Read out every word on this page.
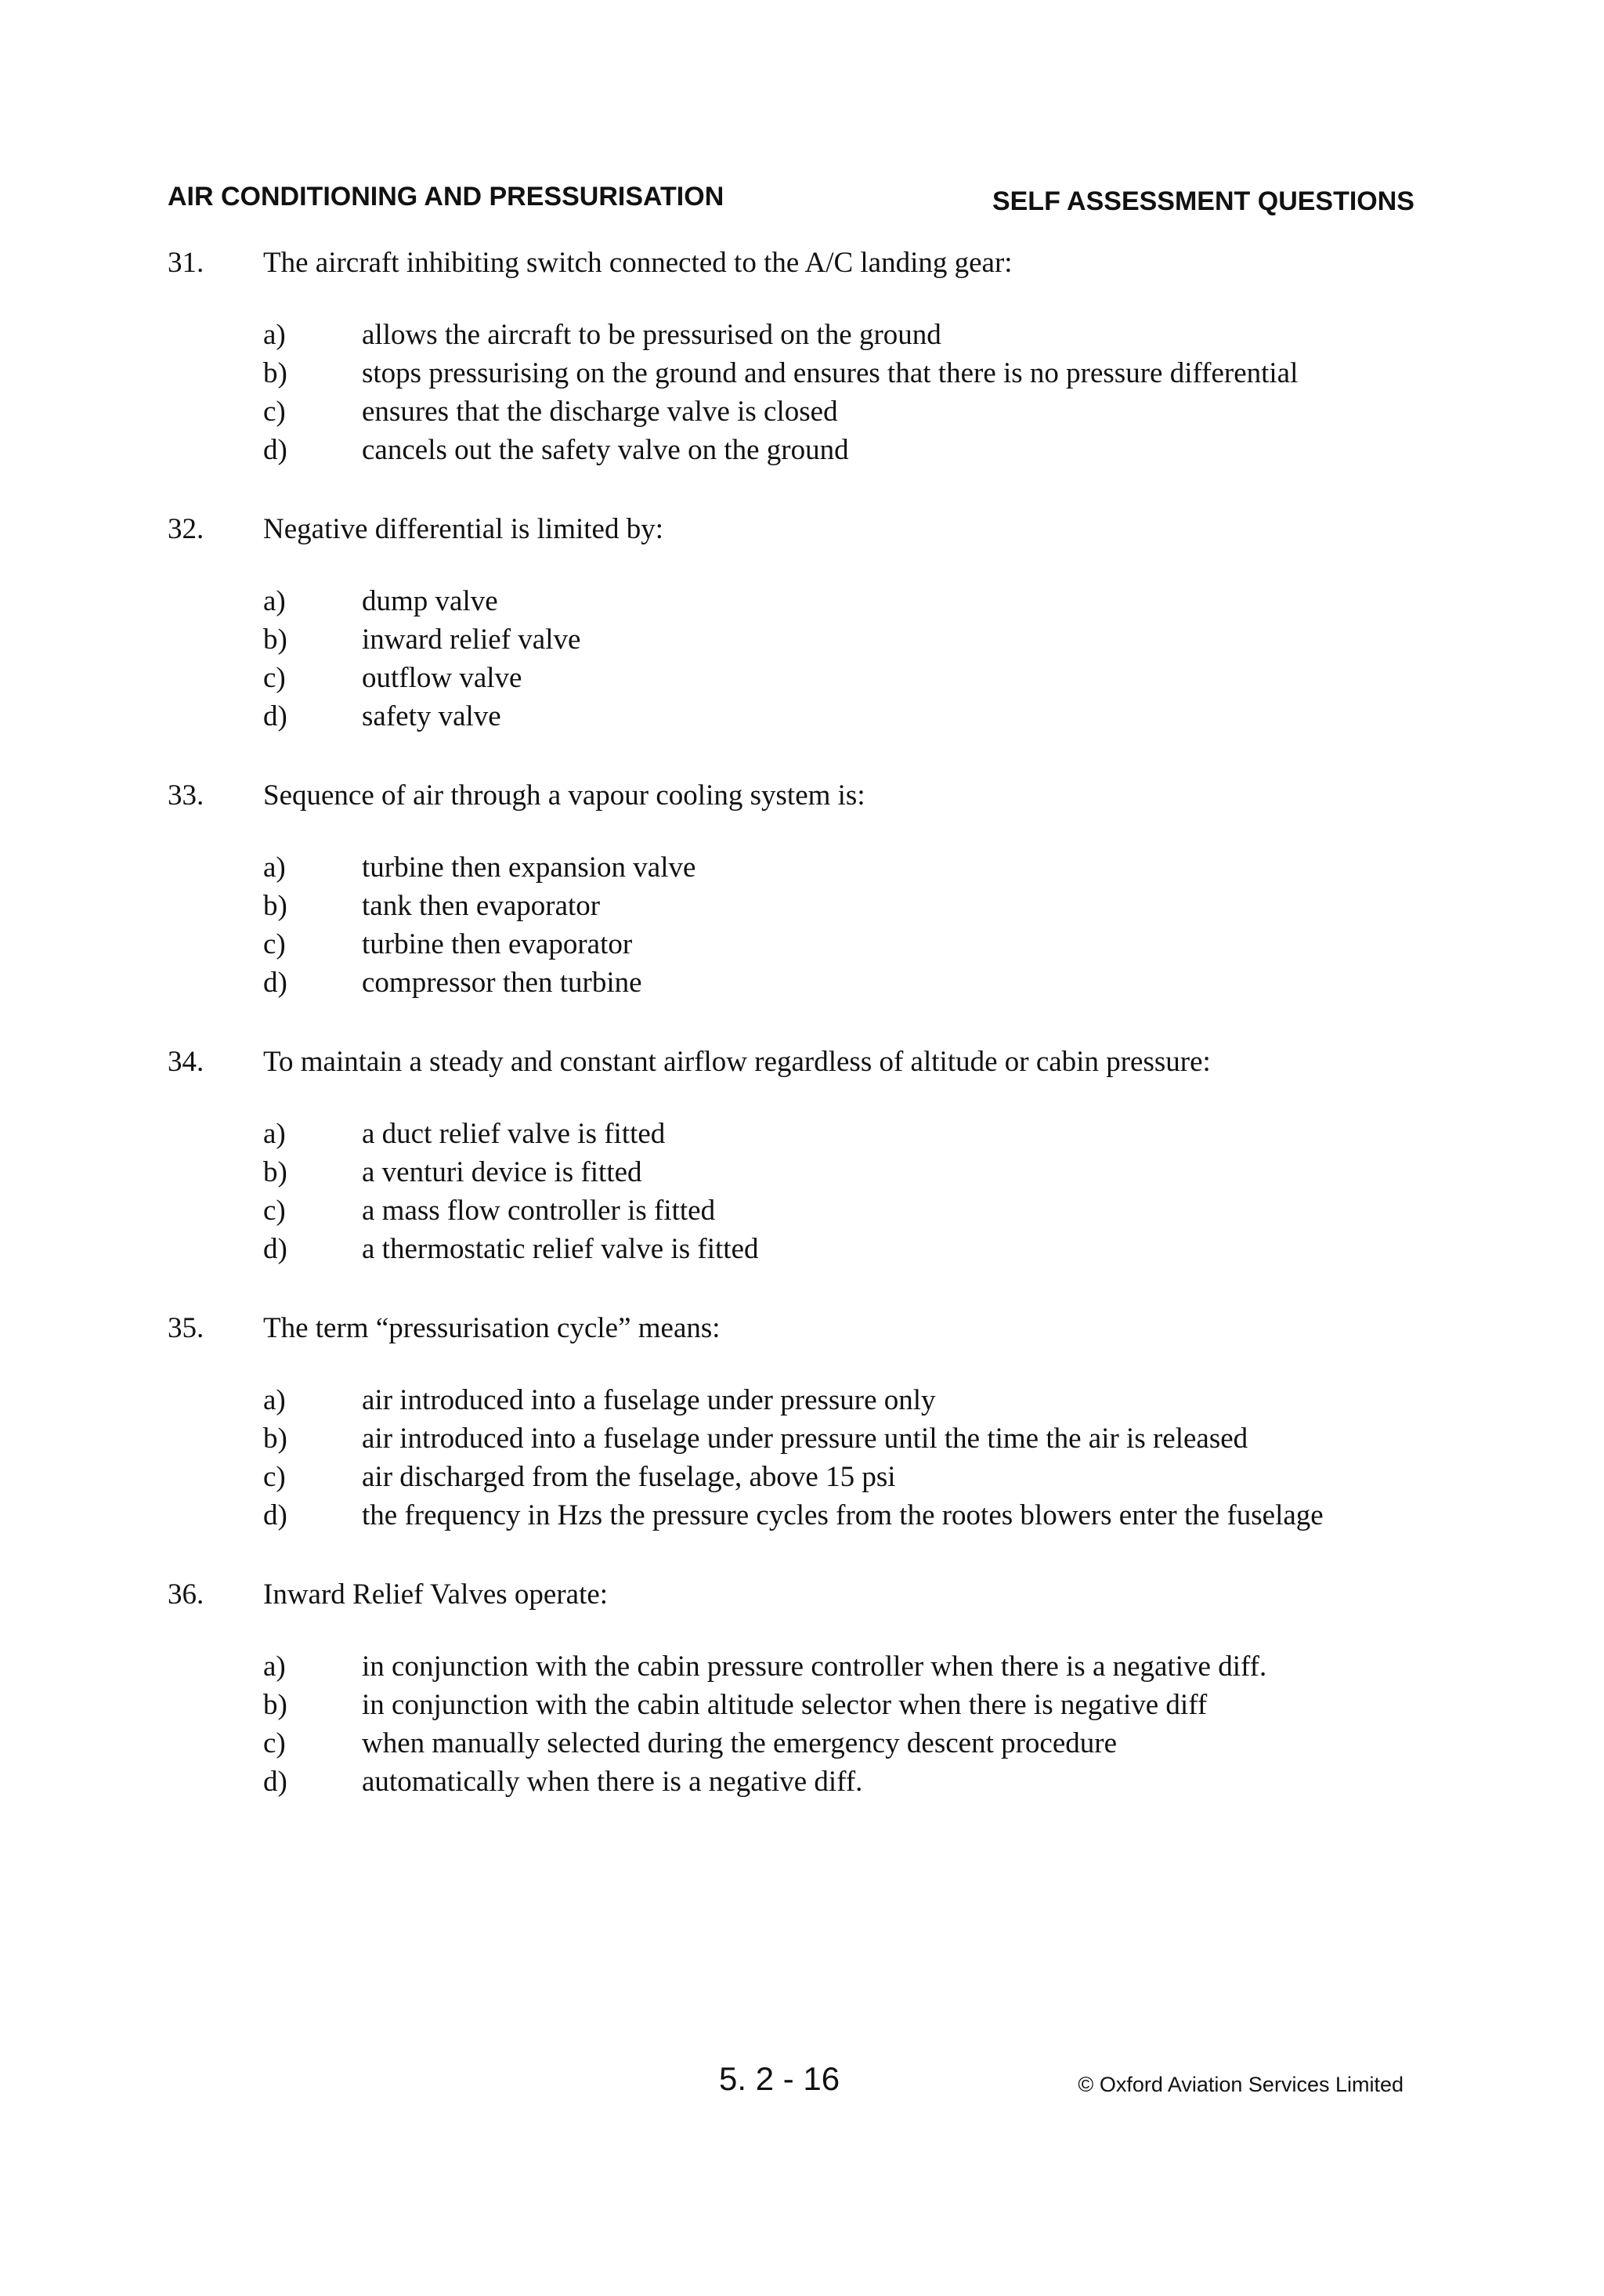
AIR CONDITIONING AND PRESSURISATION	SELF ASSESSMENT QUESTIONS
31.	The aircraft inhibiting switch connected to the A/C landing gear:
a)	allows the aircraft to be pressurised on the ground
b)	stops pressurising on the ground and ensures that there is no pressure differential
c)	ensures that the discharge valve is closed
d)	cancels out the safety valve on the ground
32.	Negative differential is limited by:
a)	dump valve
b)	inward relief valve
c)	outflow valve
d)	safety valve
33.	Sequence of air through a vapour cooling system is:
a)	turbine then expansion valve
b)	tank then evaporator
c)	turbine then evaporator
d)	compressor then turbine
34.	To maintain a steady and constant airflow regardless of altitude or cabin pressure:
a)	a duct relief valve is fitted
b)	a venturi device is fitted
c)	a mass flow controller is fitted
d)	a thermostatic relief valve is fitted
35.	The term “pressurisation cycle” means:
a)	air introduced into a fuselage under pressure only
b)	air introduced into a fuselage under pressure until the time the air is released
c)	air discharged from the fuselage, above 15 psi
d)	the frequency in Hzs the pressure cycles from the rootes blowers enter the fuselage
36.	Inward Relief Valves operate:
a)	in conjunction with the cabin pressure controller when there is a negative diff.
b)	in conjunction with the cabin altitude selector when there is negative diff
c)	when manually selected during the emergency descent procedure
d)	automatically when there is a negative diff.
5. 2 - 16	© Oxford Aviation Services Limited
